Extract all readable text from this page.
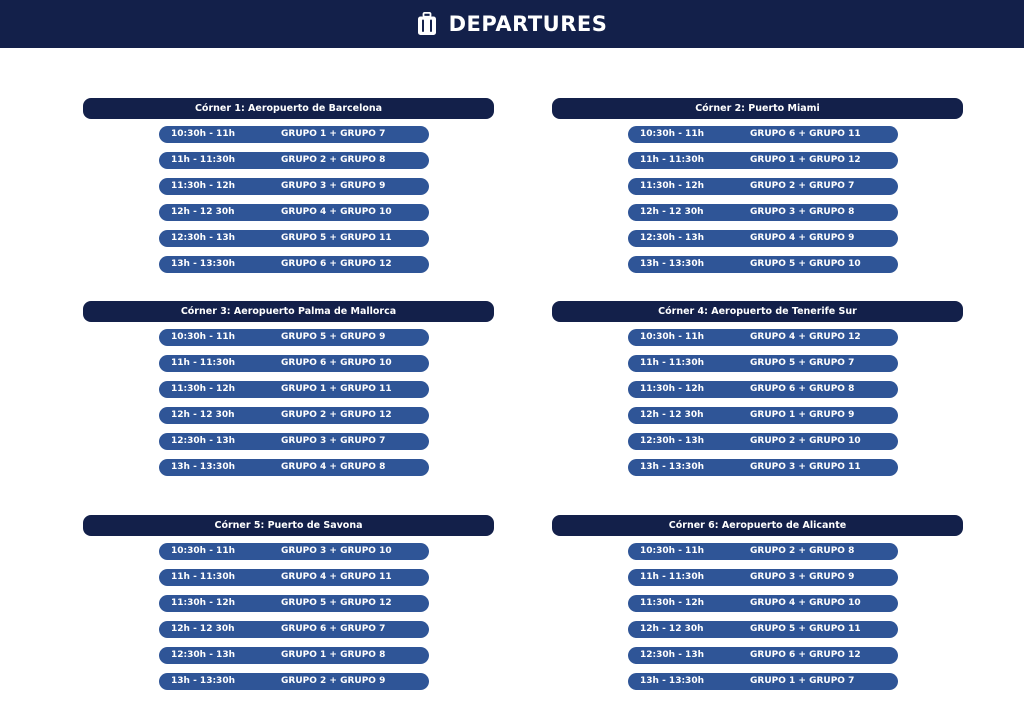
DEPARTURES
Córner 1: Aeropuerto de Barcelona
10:30h - 11h	GRUPO 1 + GRUPO 7
11h - 11:30h	GRUPO 2 + GRUPO 8
11:30h - 12h	GRUPO 3 + GRUPO 9
12h - 12 30h	GRUPO 4 + GRUPO 10
12:30h - 13h	GRUPO 5 + GRUPO 11
13h - 13:30h	GRUPO 6 + GRUPO 12
Córner 2: Puerto Miami
10:30h - 11h	GRUPO 6 + GRUPO 11
11h - 11:30h	GRUPO 1 + GRUPO 12
11:30h - 12h	GRUPO 2 + GRUPO 7
12h - 12 30h	GRUPO 3 + GRUPO 8
12:30h - 13h	GRUPO 4 + GRUPO 9
13h - 13:30h	GRUPO 5 + GRUPO 10
Córner 3: Aeropuerto Palma de Mallorca
10:30h - 11h	GRUPO 5 + GRUPO 9
11h - 11:30h	GRUPO 6 + GRUPO 10
11:30h - 12h	GRUPO 1 + GRUPO 11
12h - 12 30h	GRUPO 2 + GRUPO 12
12:30h - 13h	GRUPO 3 + GRUPO 7
13h - 13:30h	GRUPO 4 + GRUPO 8
Córner 4: Aeropuerto de Tenerife Sur
10:30h - 11h	GRUPO 4 + GRUPO 12
11h - 11:30h	GRUPO 5 + GRUPO 7
11:30h - 12h	GRUPO 6 + GRUPO 8
12h - 12 30h	GRUPO 1 + GRUPO 9
12:30h - 13h	GRUPO 2 + GRUPO 10
13h - 13:30h	GRUPO 3 + GRUPO 11
Córner 5: Puerto de Savona
10:30h - 11h	GRUPO 3 + GRUPO 10
11h - 11:30h	GRUPO 4 + GRUPO 11
11:30h - 12h	GRUPO 5 + GRUPO 12
12h - 12 30h	GRUPO 6 + GRUPO 7
12:30h - 13h	GRUPO 1 + GRUPO 8
13h - 13:30h	GRUPO 2 + GRUPO 9
Córner 6: Aeropuerto de Alicante
10:30h - 11h	GRUPO 2 + GRUPO 8
11h - 11:30h	GRUPO 3 + GRUPO 9
11:30h - 12h	GRUPO 4 + GRUPO 10
12h - 12 30h	GRUPO 5 + GRUPO 11
12:30h - 13h	GRUPO 6 + GRUPO 12
13h - 13:30h	GRUPO 1 + GRUPO 7
